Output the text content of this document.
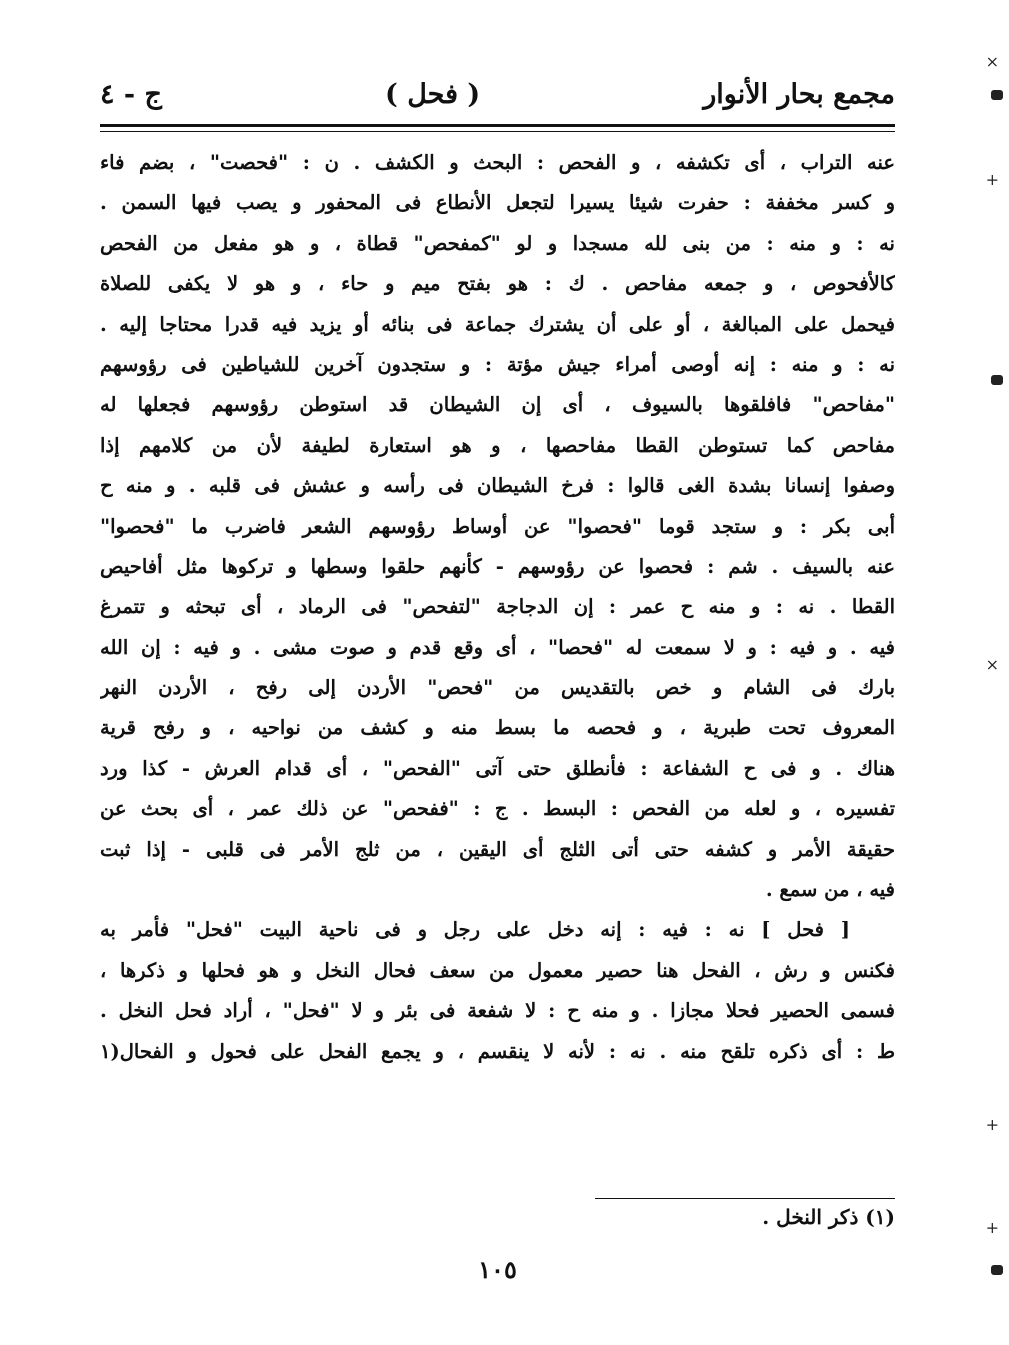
مجمع بحار الأنوار
( فحل )
ج - ٤
عنه التراب ، أى تكشفه ، و الفحص : البحث و الكشف . ن : "فحصت" ، بضم فاء
و كسر مخففة : حفرت شيئا يسيرا لتجعل الأنطاع فى المحفور و يصب فيها السمن .
نه : و منه : من بنى لله مسجدا و لو "كمفحص" قطاة ، و هو مفعل من الفحص
كالأفحوص ، و جمعه مفاحص . ك : هو بفتح ميم و حاء ، و هو لا يكفى للصلاة
فيحمل على المبالغة ، أو على أن يشترك جماعة فى بنائه أو يزيد فيه قدرا محتاجا إليه .
نه : و منه : إنه أوصى أمراء جيش مؤتة : و ستجدون آخرين للشياطين فى رؤوسهم
"مفاحص" فافلقوها بالسيوف ، أى إن الشيطان قد استوطن رؤوسهم فجعلها له
مفاحص كما تستوطن القطا مفاحصها ، و هو استعارة لطيفة لأن من كلامهم إذا
وصفوا إنسانا بشدة الغى قالوا : فرخ الشيطان فى رأسه و عشش فى قلبه . و منه ح
أبى بكر : و ستجد قوما "فحصوا" عن أوساط رؤوسهم الشعر فاضرب ما "فحصوا"
عنه بالسيف . شم : فحصوا عن رؤوسهم - كأنهم حلقوا وسطها و تركوها مثل أفاحيص
القطا . نه : و منه ح عمر : إن الدجاجة "لتفحص" فى الرماد ، أى تبحثه و تتمرغ
فيه . و فيه : و لا سمعت له "فحصا" ، أى وقع قدم و صوت مشى . و فيه : إن الله
بارك فى الشام و خص بالتقديس من "فحص" الأردن إلى رفح ، الأردن النهر
المعروف تحت طبرية ، و فحصه ما بسط منه و كشف من نواحيه ، و رفح قرية
هناك . و فى ح الشفاعة : فأنطلق حتى آتى "الفحص" ، أى قدام العرش - كذا ورد
تفسيره ، و لعله من الفحص : البسط . ج : "ففحص" عن ذلك عمر ، أى بحث عن
حقيقة الأمر و كشفه حتى أتى الثلج أى اليقين ، من ثلج الأمر فى قلبى - إذا ثبت
فيه ، من سمع .
[ فحل ] نه : فيه : إنه دخل على رجل و فى ناحية البيت "فحل" فأمر به
فكنس و رش ، الفحل هنا حصير معمول من سعف فحال النخل و هو فحلها و ذكرها ،
فسمى الحصير فحلا مجازا . و منه ح : لا شفعة فى بئر و لا "فحل" ، أراد فحل النخل .
ط : أى ذكره تلقح منه . نه : لأنه لا ينقسم ، و يجمع الفحل على فحول و الفحال(١
(١) ذكر النخل .
١٠٥
×
+
×
+
+
